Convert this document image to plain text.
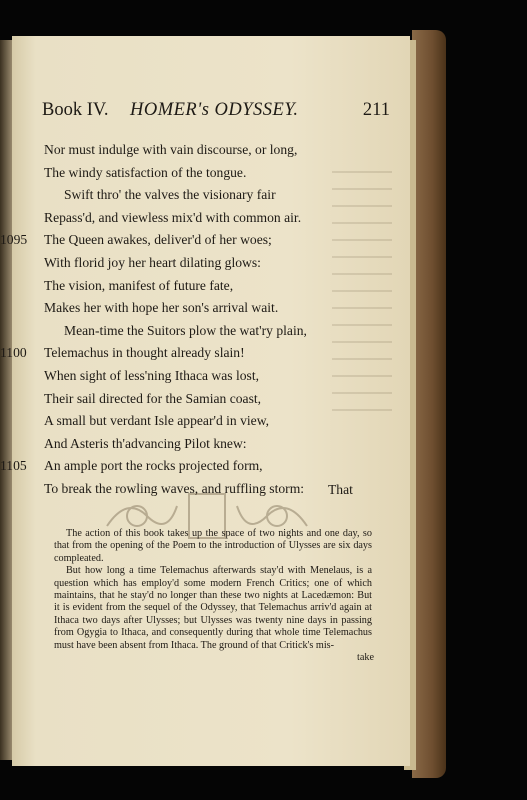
Book IV. HOMER's ODYSSEY.	211
Nor must indulge with vain discourse, or long,
The windy satisfaction of the tongue.
Swift thro' the valves the visionary fair
Repass'd, and viewless mix'd with common air.
The Queen awakes, deliver'd of her woes;
1095
With florid joy her heart dilating glows:
The vision, manifest of future fate,
Makes her with hope her son's arrival wait.
Mean-time the Suitors plow the wat'ry plain,
Telemachus in thought already slain!
1100
When sight of less'ning Ithaca was lost,
Their sail directed for the Samian coast,
A small but verdant Isle appear'd in view,
And Asteris th'advancing Pilot knew:
An ample port the rocks projected form,
1105
To break the rowling waves, and ruffling storm: That

The action of this book takes up the space of two nights and one day, so that from the opening of the Poem to the introduction of Ulysses are six days compleated.

But how long a time Telemachus afterwards stay'd with Menelaus, is a question which has employ'd some modern French Critics; one of which maintains, that he stay'd no longer than these two nights at Lacedæmon: But it is evident from the sequel of the Odyssey, that Telemachus arriv'd again at Ithaca two days after Ulysses; but Ulysses was twenty nine days in passing from Ogygia to Ithaca, and consequently during that whole time Telemachus must have been absent from Ithaca. The ground of that Critick's mis-

take
